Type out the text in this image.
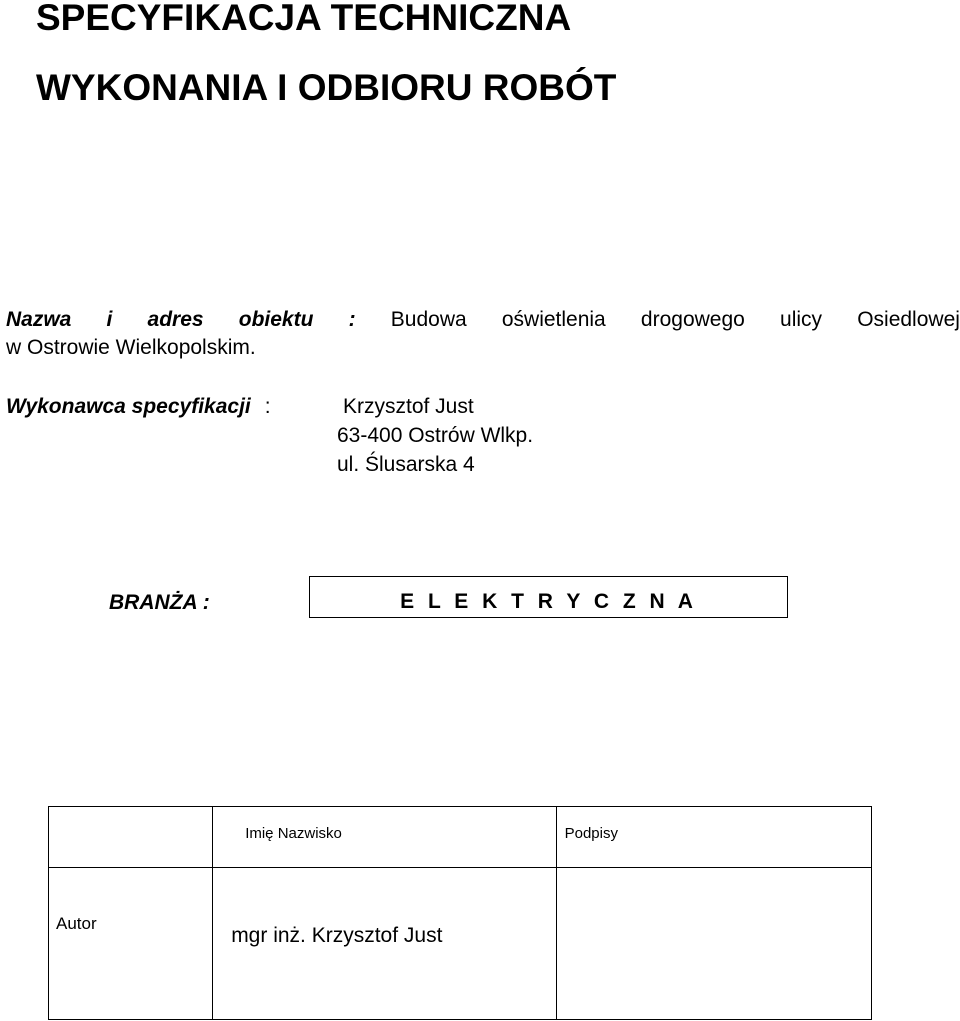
SPECYFIKACJA TECHNICZNA
WYKONANIA I ODBIORU ROBÓT
Nazwa i adres obiektu : Budowa oświetlenia drogowego ulicy Osiedlowej
w Ostrowie Wielkopolskim.
Wykonawca specyfikacji :	Krzysztof Just
63-400 Ostrów Wlkp.
ul. Ślusarska 4
BRANŻA :	E L E K T R Y C Z N A
	Imię Nazwisko	Podpisy
Autor	mgr inż. Krzysztof Just	
